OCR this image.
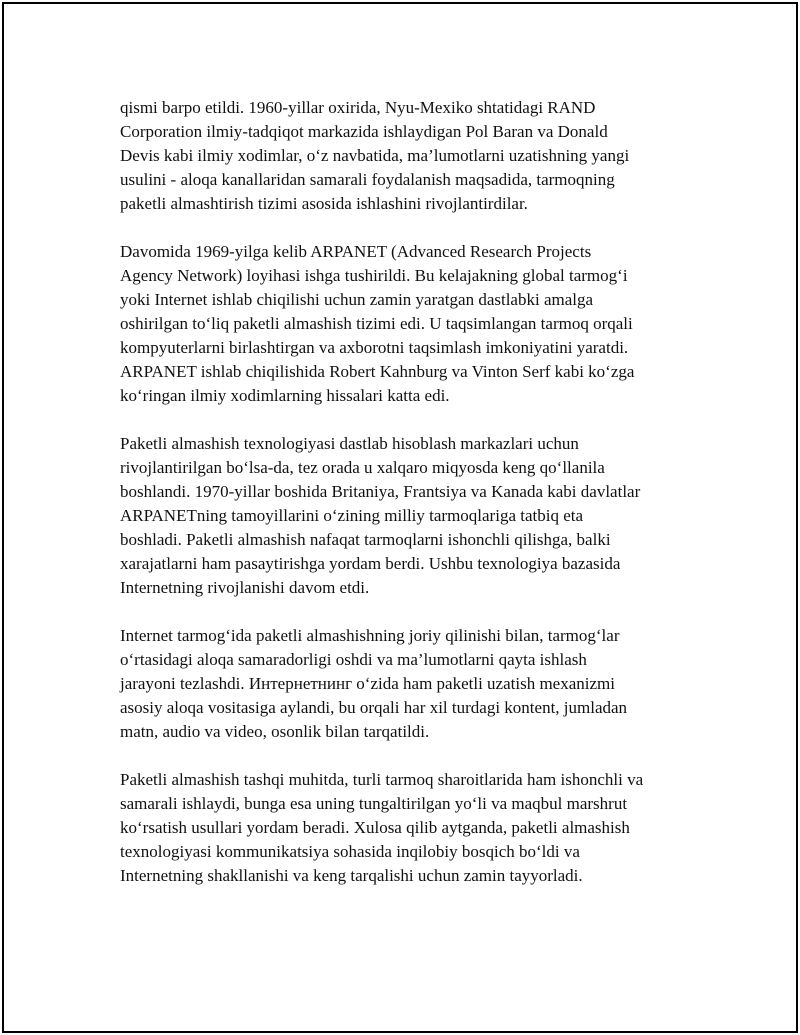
qismi barpo etildi. 1960-yillar oxirida, Nyu-Mexiko shtatidagi RAND
Corporation ilmiy-tadqiqot markazida ishlaydigan Pol Baran va Donald
Devis kabi ilmiy xodimlar, o‘z navbatida, ma’lumotlarni uzatishning yangi
usulini - aloqa kanallaridan samarali foydalanish maqsadida, tarmoqning
paketli almashtirish tizimi asosida ishlashini rivojlantirdilar.

Davomida 1969-yilga kelib ARPANET (Advanced Research Projects
Agency Network) loyihasi ishga tushirildi. Bu kelajakning global tarmog‘i
yoki Internet ishlab chiqilishi uchun zamin yaratgan dastlabki amalga
oshirilgan to‘liq paketli almashish tizimi edi. U taqsimlangan tarmoq orqali
kompyuterlarni birlashtirgan va axborotni taqsimlash imkoniyatini yaratdi.
ARPANET ishlab chiqilishida Robert Kahnburg va Vinton Serf kabi ko‘zga
ko‘ringan ilmiy xodimlarning hissalari katta edi.

Paketli almashish texnologiyasi dastlab hisoblash markazlari uchun
rivojlantirilgan bo‘lsa-da, tez orada u xalqaro miqyosda keng qo‘llanila
boshlandi. 1970-yillar boshida Britaniya, Frantsiya va Kanada kabi davlatlar
ARPANETning tamoyillarini o‘zining milliy tarmoqlariga tatbiq eta
boshladi. Paketli almashish nafaqat tarmoqlarni ishonchli qilishga, balki
xarajatlarni ham pasaytirishga yordam berdi. Ushbu texnologiya bazasida
Internetning rivojlanishi davom etdi.

Internet tarmog‘ida paketli almashishning joriy qilinishi bilan, tarmog‘lar
o‘rtasidagi aloqa samaradorligi oshdi va ma’lumotlarni qayta ishlash
jarayoni tezlashdi. Интернетнинг o‘zida ham paketli uzatish mexanizmi
asosiy aloqa vositasiga aylandi, bu orqali har xil turdagi kontent, jumladan
matn, audio va video, osonlik bilan tarqatildi.

Paketli almashish tashqi muhitda, turli tarmoq sharoitlarida ham ishonchli va
samarali ishlaydi, bunga esa uning tungaltirilgan yo‘li va maqbul marshrut
ko‘rsatish usullari yordam beradi. Xulosa qilib aytganda, paketli almashish
texnologiyasi kommunikatsiya sohasida inqilobiy bosqich bo‘ldi va
Internetning shakllanishi va keng tarqalishi uchun zamin tayyorladi.
